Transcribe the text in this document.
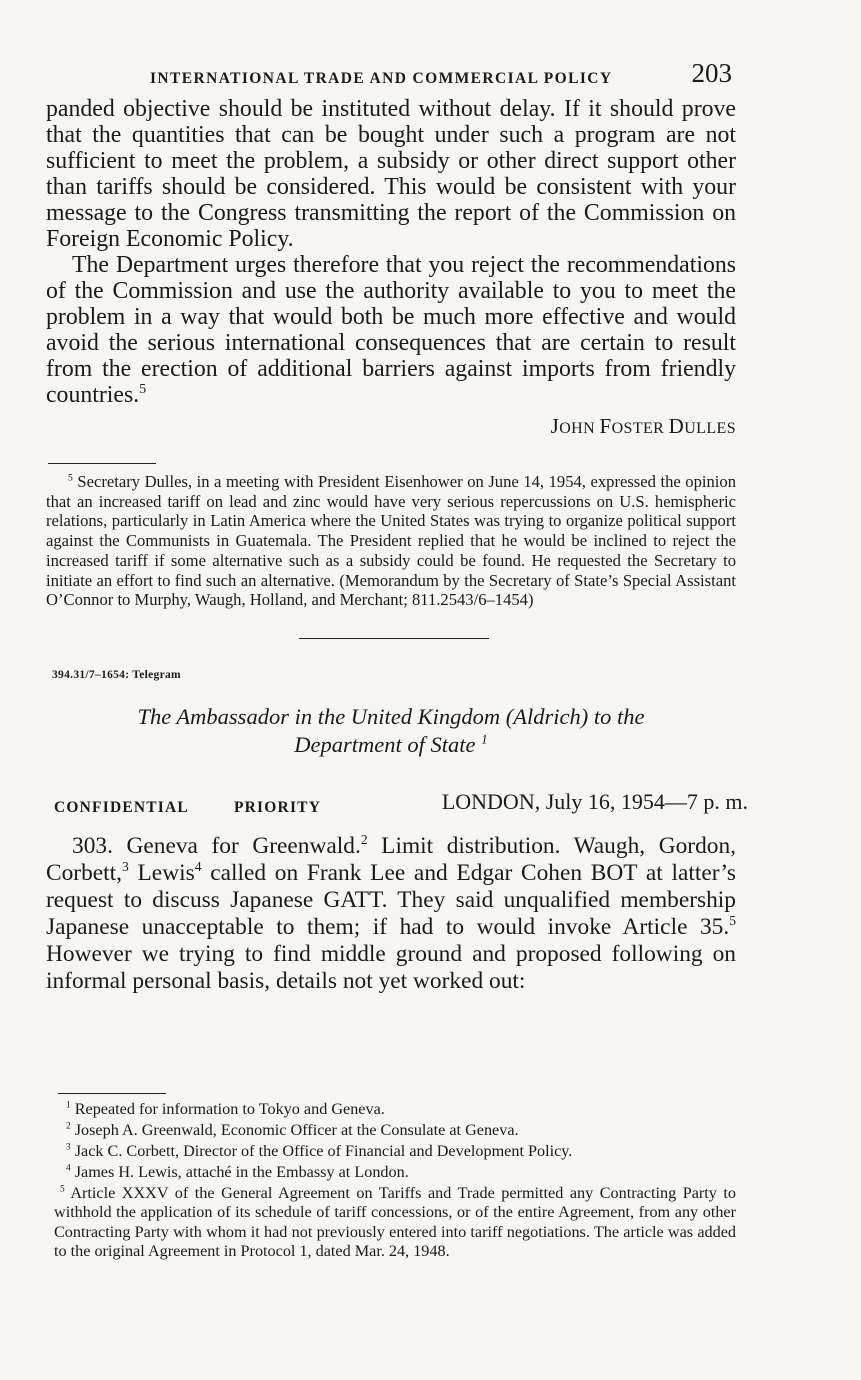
INTERNATIONAL TRADE AND COMMERCIAL POLICY	203

panded objective should be instituted without delay. If it should prove that the quantities that can be bought under such a program are not sufficient to meet the problem, a subsidy or other direct support other than tariffs should be considered. This would be consistent with your message to the Congress transmitting the report of the Commission on Foreign Economic Policy.

The Department urges therefore that you reject the recommendations of the Commission and use the authority available to you to meet the problem in a way that would both be much more effective and would avoid the serious international consequences that are certain to result from the erection of additional barriers against imports from friendly countries.$^5$

JOHN FOSTER DULLES

$^5$ Secretary Dulles, in a meeting with President Eisenhower on June 14, 1954, expressed the opinion that an increased tariff on lead and zinc would have very serious repercussions on U.S. hemispheric relations, particularly in Latin America where the United States was trying to organize political support against the Communists in Guatemala. The President replied that he would be inclined to reject the increased tariff if some alternative such as a subsidy could be found. He requested the Secretary to initiate an effort to find such an alternative. (Memorandum by the Secretary of State’s Special Assistant O’Connor to Murphy, Waugh, Holland, and Merchant; 811.2543/6–1454)

394.31/7–1654: Telegram
The Ambassador in the United Kingdom (Aldrich) to the
Department of State $^1$
CONFIDENTIAL	PRIORITY	LONDON, July 16, 1954—7 p. m.

303. Geneva for Greenwald.$^2$ Limit distribution. Waugh, Gordon, Corbett,$^3$ Lewis$^4$ called on Frank Lee and Edgar Cohen BOT at latter’s request to discuss Japanese GATT. They said unqualified membership Japanese unacceptable to them; if had to would invoke Article 35.$^5$ However we trying to find middle ground and proposed following on informal personal basis, details not yet worked out:

$^1$ Repeated for information to Tokyo and Geneva.

$^2$ Joseph A. Greenwald, Economic Officer at the Consulate at Geneva.

$^3$ Jack C. Corbett, Director of the Office of Financial and Development Policy.

$^4$ James H. Lewis, attaché in the Embassy at London.

$^5$ Article XXXV of the General Agreement on Tariffs and Trade permitted any Contracting Party to withhold the application of its schedule of tariff concessions, or of the entire Agreement, from any other Contracting Party with whom it had not previously entered into tariff negotiations. The article was added to the original Agreement in Protocol 1, dated Mar. 24, 1948.
